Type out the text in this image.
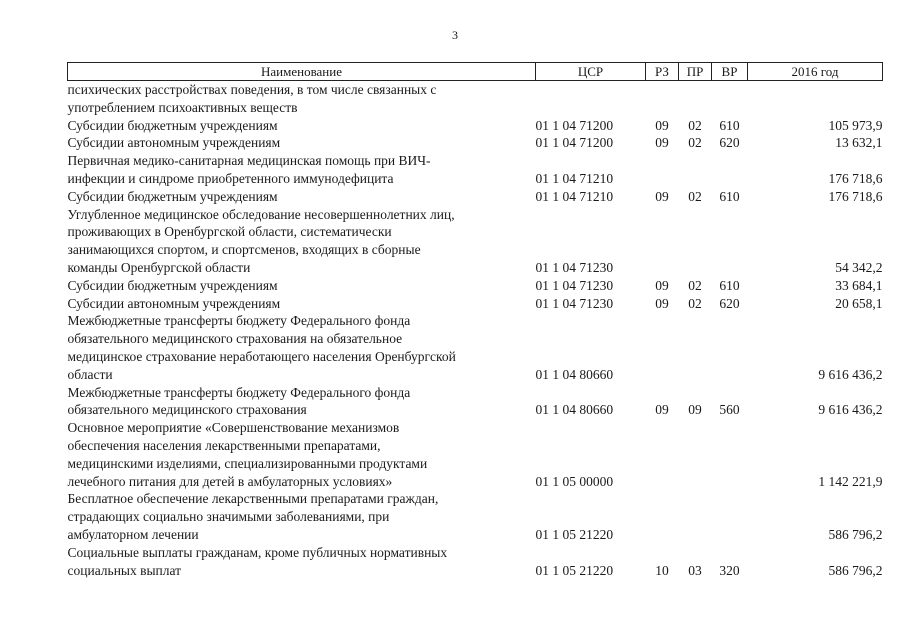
3
Наименование	ЦСР	РЗ	ПР	ВР	2016 год
психических расстройствах поведения, в том числе связанных с					
употреблением психоактивных веществ					
Субсидии бюджетным учреждениям	01 1 04 71200	09	02	610	105 973,9
Субсидии автономным учреждениям	01 1 04 71200	09	02	620	13 632,1
Первичная медико-санитарная медицинская помощь при ВИЧ-					
инфекции и синдроме приобретенного иммунодефицита	01 1 04 71210				176 718,6
Субсидии бюджетным учреждениям	01 1 04 71210	09	02	610	176 718,6
Углубленное медицинское обследование несовершеннолетних лиц,					
проживающих в Оренбургской области, систематически					
занимающихся спортом, и спортсменов, входящих в сборные					
команды Оренбургской области	01 1 04 71230				54 342,2
Субсидии бюджетным учреждениям	01 1 04 71230	09	02	610	33 684,1
Субсидии автономным учреждениям	01 1 04 71230	09	02	620	20 658,1
Межбюджетные трансферты бюджету Федерального фонда					
обязательного медицинского страхования на обязательное					
медицинское страхование неработающего населения Оренбургской					
области	01 1 04 80660				9 616 436,2
Межбюджетные трансферты бюджету Федерального фонда					
обязательного медицинского страхования	01 1 04 80660	09	09	560	9 616 436,2
Основное мероприятие «Совершенствование механизмов					
обеспечения населения лекарственными препаратами,					
медицинскими изделиями, специализированными продуктами					
лечебного питания для детей в амбулаторных условиях»	01 1 05 00000				1 142 221,9
Бесплатное обеспечение лекарственными препаратами граждан,					
страдающих социально значимыми заболеваниями, при					
амбулаторном лечении	01 1 05 21220				586 796,2
Социальные выплаты гражданам, кроме публичных нормативных					
социальных выплат	01 1 05 21220	10	03	320	586 796,2
